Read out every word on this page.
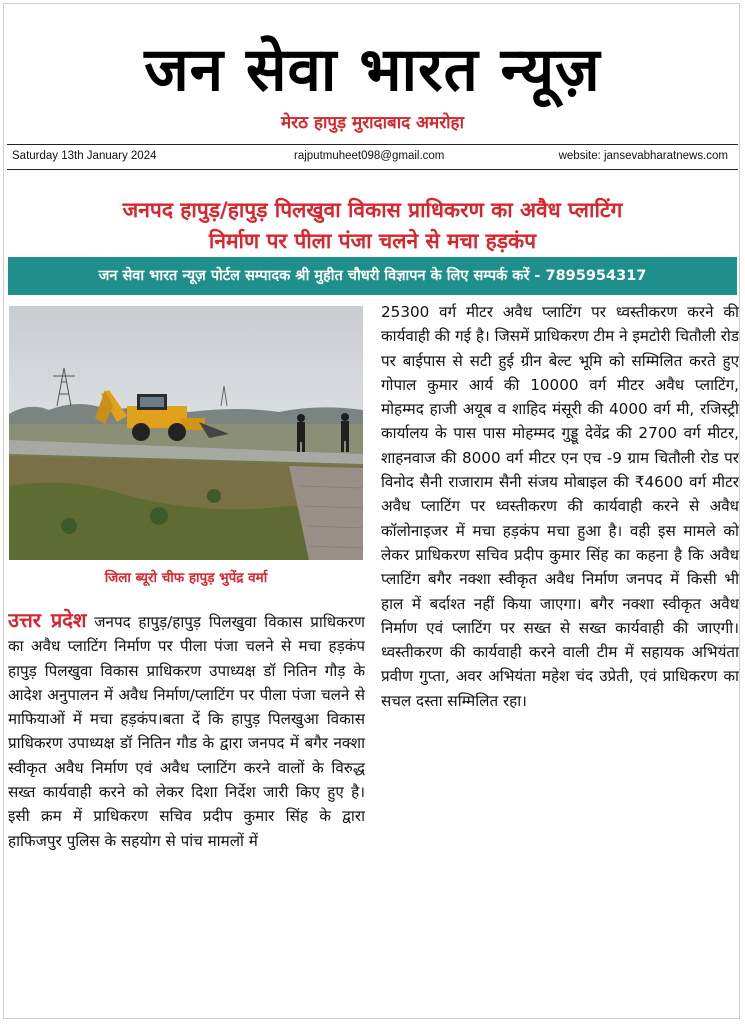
जन सेवा भारत न्यूज़
मेरठ हापुड़ मुरादाबाद अमरोहा
Saturday 13th January 2024	rajputmuheet098@gmail.com	website: jansevabharatnews.com
जनपद हापुड़/हापुड़ पिलखुवा विकास प्राधिकरण का अवैध प्लाटिंग
निर्माण पर पीला पंजा चलने से मचा हड़कंप
जन सेवा भारत न्यूज़ पोर्टल सम्पादक श्री मुहीत चौधरी विज्ञापन के लिए सम्पर्क करें - 7895954317
जिला ब्यूरो चीफ हापुड़ भुपेंद्र वर्मा
उत्तर प्रदेश जनपद हापुड़/हापुड़ पिलखुवा विकास प्राधिकरण का अवैध प्लाटिंग निर्माण पर पीला पंजा चलने से मचा हड़कंप हापुड़ पिलखुवा विकास प्राधिकरण उपाध्यक्ष डॉ नितिन गौड़ के आदेश अनुपालन में अवैध निर्माण/प्लाटिंग पर पीला पंजा चलने से माफियाओं में मचा हड़कंप।बता दें कि हापुड़ पिलखुआ विकास प्राधिकरण उपाध्यक्ष डॉ नितिन गौड के द्वारा जनपद में बगैर नक्शा स्वीकृत अवैध निर्माण एवं अवैध प्लाटिंग करने वालों के विरुद्ध सख्त कार्यवाही करने को लेकर दिशा निर्देश जारी किए हुए है। इसी क्रम में प्राधिकरण सचिव प्रदीप कुमार सिंह के द्वारा हाफिजपुर पुलिस के सहयोग से पांच मामलों में
25300 वर्ग मीटर अवैध प्लाटिंग पर ध्वस्तीकरण करने की कार्यवाही की गई है। जिसमें प्राधिकरण टीम ने इमटोरी चितौली रोड पर बाईपास से सटी हुई ग्रीन बेल्ट भूमि को सम्मिलित करते हुए गोपाल कुमार आर्य की 10000 वर्ग मीटर अवैध प्लाटिंग, मोहम्मद हाजी अयूब व शाहिद मंसूरी की 4000 वर्ग मी, रजिस्ट्री कार्यालय के पास पास मोहम्मद गुड्डू देवेंद्र की 2700 वर्ग मीटर, शाहनवाज की 8000 वर्ग मीटर एन एच -9 ग्राम चितौली रोड पर विनोद सैनी राजाराम सैनी संजय मोबाइल की ₹4600 वर्ग मीटर अवैध प्लाटिंग पर ध्वस्तीकरण की कार्यवाही करने से अवैध कॉलोनाइजर में मचा हड़कंप मचा हुआ है। वही इस मामले को लेकर प्राधिकरण सचिव प्रदीप कुमार सिंह का कहना है कि अवैध प्लाटिंग बगैर नक्शा स्वीकृत अवैध निर्माण जनपद में किसी भी हाल में बर्दाश्त नहीं किया जाएगा। बगैर नक्शा स्वीकृत अवैध निर्माण एवं प्लाटिंग पर सख्त से सख्त कार्यवाही की जाएगी। ध्वस्तीकरण की कार्यवाही करने वाली टीम में सहायक अभियंता प्रवीण गुप्ता, अवर अभियंता महेश चंद उप्रेती, एवं प्राधिकरण का सचल दस्ता सम्मिलित रहा।
